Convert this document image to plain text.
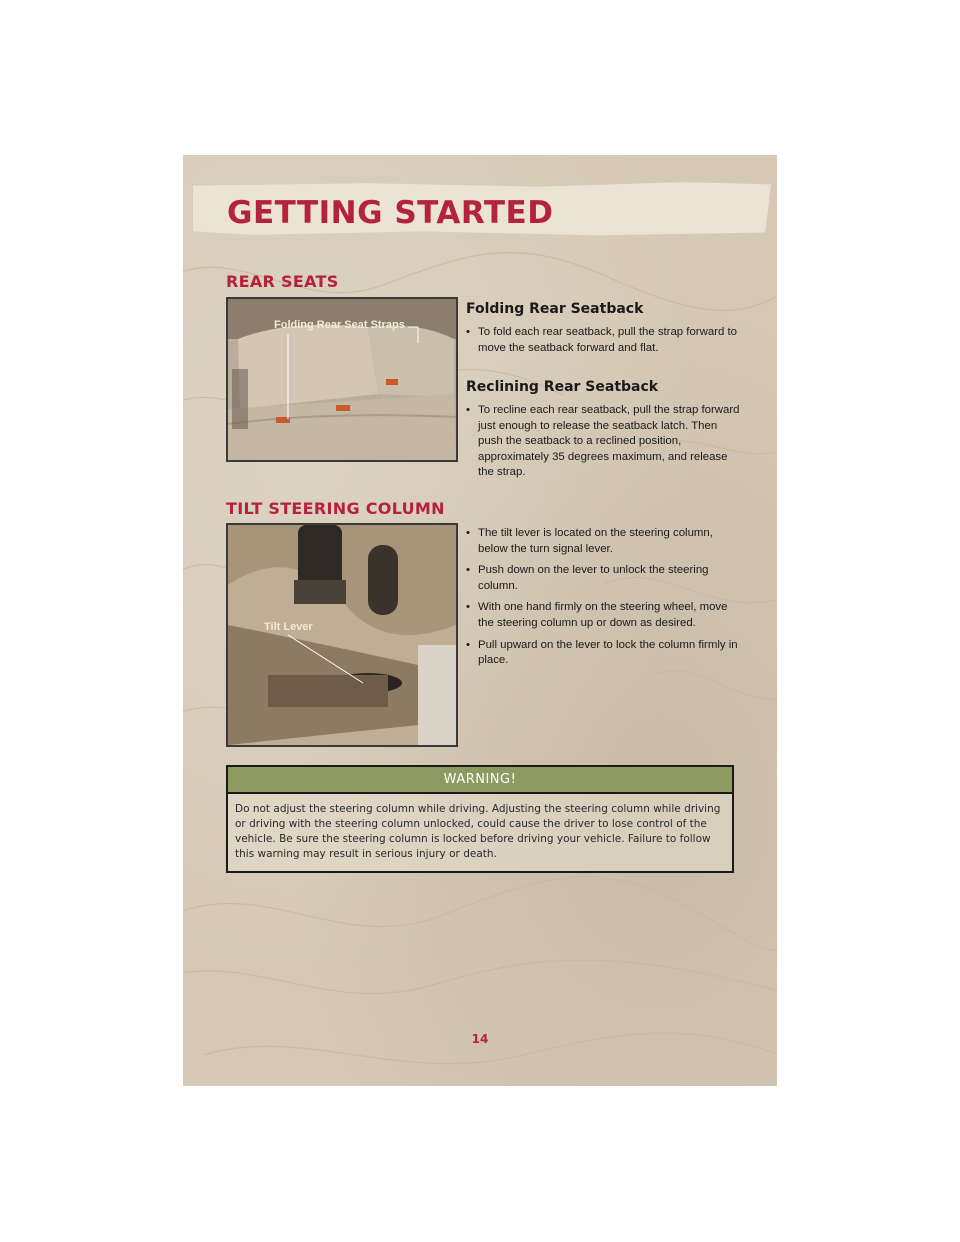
GETTING STARTED
REAR SEATS
Folding Rear Seat Straps
Folding Rear Seatback
• To fold each rear seatback, pull the strap forward to move the seatback forward and flat.
Reclining Rear Seatback
• To recline each rear seatback, pull the strap forward just enough to release the seatback latch. Then push the seatback to a reclined position, approximately 35 degrees maximum, and release the strap.
TILT STEERING COLUMN
Tilt Lever
• The tilt lever is located on the steering column, below the turn signal lever.
• Push down on the lever to unlock the steering column.
• With one hand firmly on the steering wheel, move the steering column up or down as desired.
• Pull upward on the lever to lock the column firmly in place.
WARNING!

Do not adjust the steering column while driving. Adjusting the steering column while driving or driving with the steering column unlocked, could cause the driver to lose control of the vehicle. Be sure the steering column is locked before driving your vehicle. Failure to follow this warning may result in serious injury or death.

14
